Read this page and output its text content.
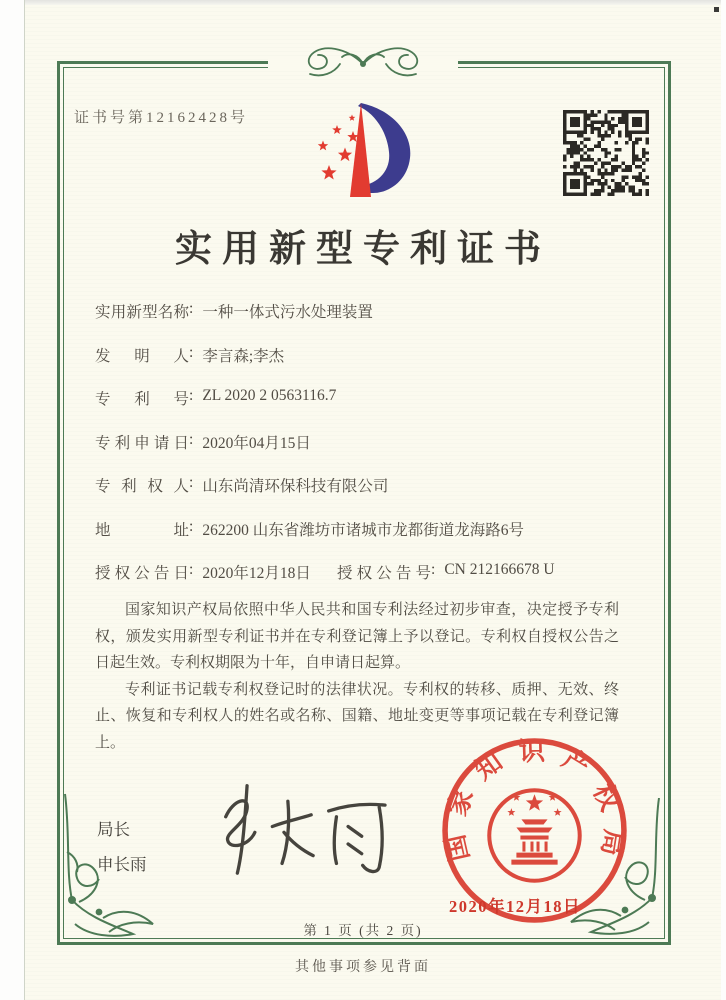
证书号第12162428号
实用新型专利证书
实用新型名称 : 一种一体式污水处理装置
发明人 : 李言森;李杰
专利号 : ZL 2020 2 0563116.7
专利申请日 : 2020年04月15日
专利权人 : 山东尚清环保科技有限公司
地址 : 262200 山东省潍坊市诸城市龙都街道龙海路6号
授权公告日 : 2020年12月18日 授权公告号 : CN 212166678 U

国家知识产权局依照中华人民共和国专利法经过初步审查，决定授予专利权，颁发实用新型专利证书并在专利登记簿上予以登记。专利权自授权公告之日起生效。专利权期限为十年，自申请日起算。

专利证书记载专利权登记时的法律状况。专利权的转移、质押、无效、终止、恢复和专利权人的姓名或名称、国籍、地址变更等事项记载在专利登记簿上。

局长
申长雨
国家知识产权局
2020年12月18日
第 1 页 (共 2 页)
其他事项参见背面
